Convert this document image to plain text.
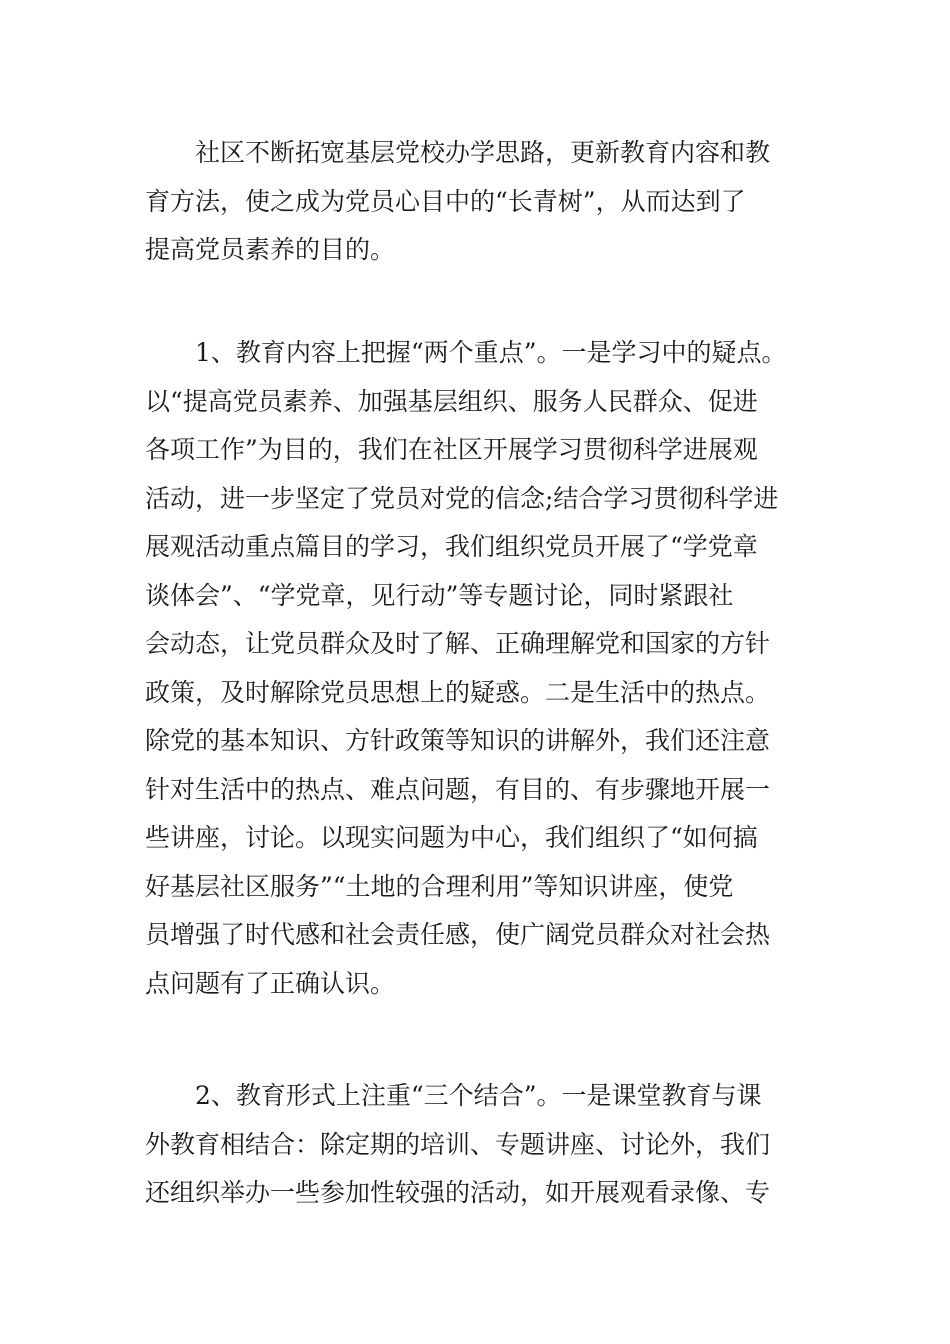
社区不断拓宽基层党校办学思路，更新教育内容和教
育方法，使之成为党员心目中的“长青树”，从而达到了
提高党员素养的目的。
1、教育内容上把握“两个重点”。一是学习中的疑点。
以“提高党员素养、加强基层组织、服务人民群众、促进
各项工作”为目的，我们在社区开展学习贯彻科学进展观
活动，进一步坚定了党员对党的信念;结合学习贯彻科学进
展观活动重点篇目的学习，我们组织党员开展了“学党章
谈体会”、“学党章，见行动”等专题讨论，同时紧跟社
会动态，让党员群众及时了解、正确理解党和国家的方针
政策，及时解除党员思想上的疑惑。二是生活中的热点。
除党的基本知识、方针政策等知识的讲解外，我们还注意
针对生活中的热点、难点问题，有目的、有步骤地开展一
些讲座，讨论。以现实问题为中心，我们组织了“如何搞
好基层社区服务”“土地的合理利用”等知识讲座，使党
员增强了时代感和社会责任感，使广阔党员群众对社会热
点问题有了正确认识。
2、教育形式上注重“三个结合”。一是课堂教育与课
外教育相结合：除定期的培训、专题讲座、讨论外，我们
还组织举办一些参加性较强的活动，如开展观看录像、专
